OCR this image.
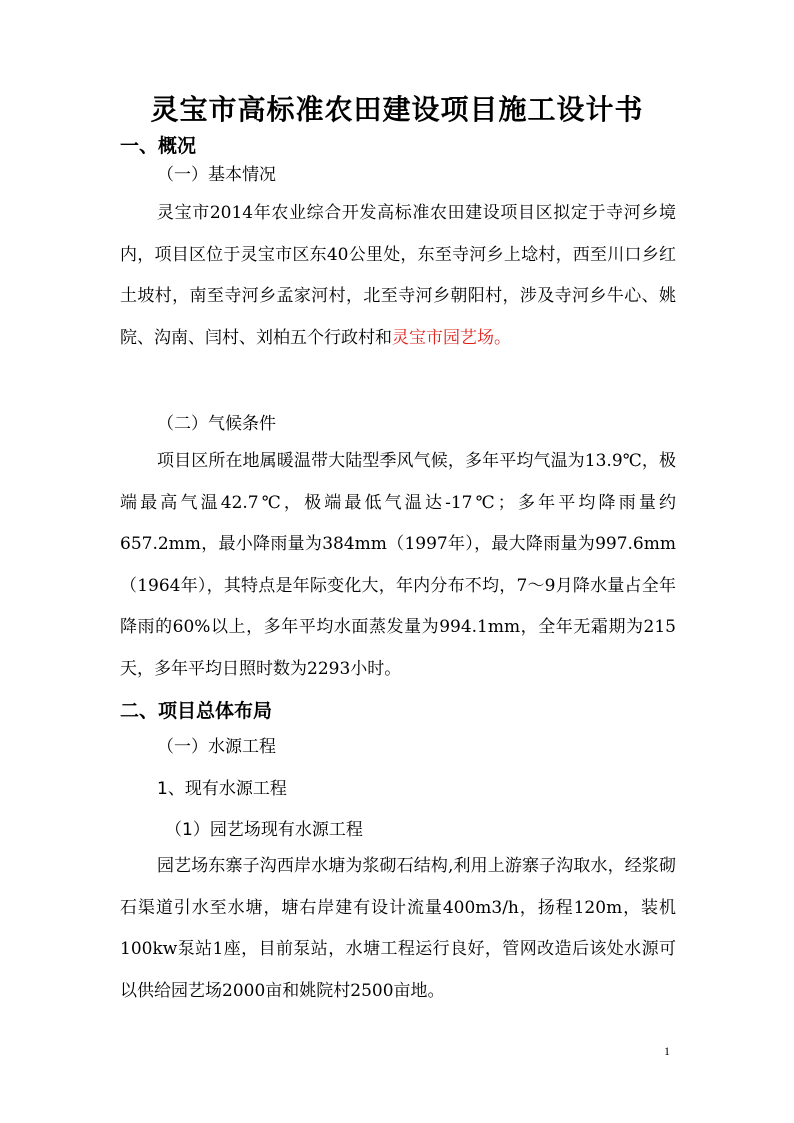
灵宝市高标准农田建设项目施工设计书
一、概况
（一）基本情况
灵宝市2014年农业综合开发高标准农田建设项目区拟定于寺河乡境内，项目区位于灵宝市区东40公里处，东至寺河乡上埝村，西至川口乡红土坡村，南至寺河乡孟家河村，北至寺河乡朝阳村，涉及寺河乡牛心、姚院、沟南、闫村、刘柏五个行政村和灵宝市园艺场。
（二）气候条件
项目区所在地属暖温带大陆型季风气候，多年平均气温为13.9℃，极端最高气温42.7℃，极端最低气温达-17℃；多年平均降雨量约657.2mm，最小降雨量为384mm（1997年），最大降雨量为997.6mm（1964年），其特点是年际变化大，年内分布不均，7～9月降水量占全年降雨的60%以上，多年平均水面蒸发量为994.1mm，全年无霜期为215天，多年平均日照时数为2293小时。
二、项目总体布局
（一）水源工程
1、现有水源工程
（1）园艺场现有水源工程
园艺场东寨子沟西岸水塘为浆砌石结构,利用上游寨子沟取水，经浆砌石渠道引水至水塘，塘右岸建有设计流量400m3/h，扬程120m，装机100kw泵站1座，目前泵站，水塘工程运行良好，管网改造后该处水源可以供给园艺场2000亩和姚院村2500亩地。
1
